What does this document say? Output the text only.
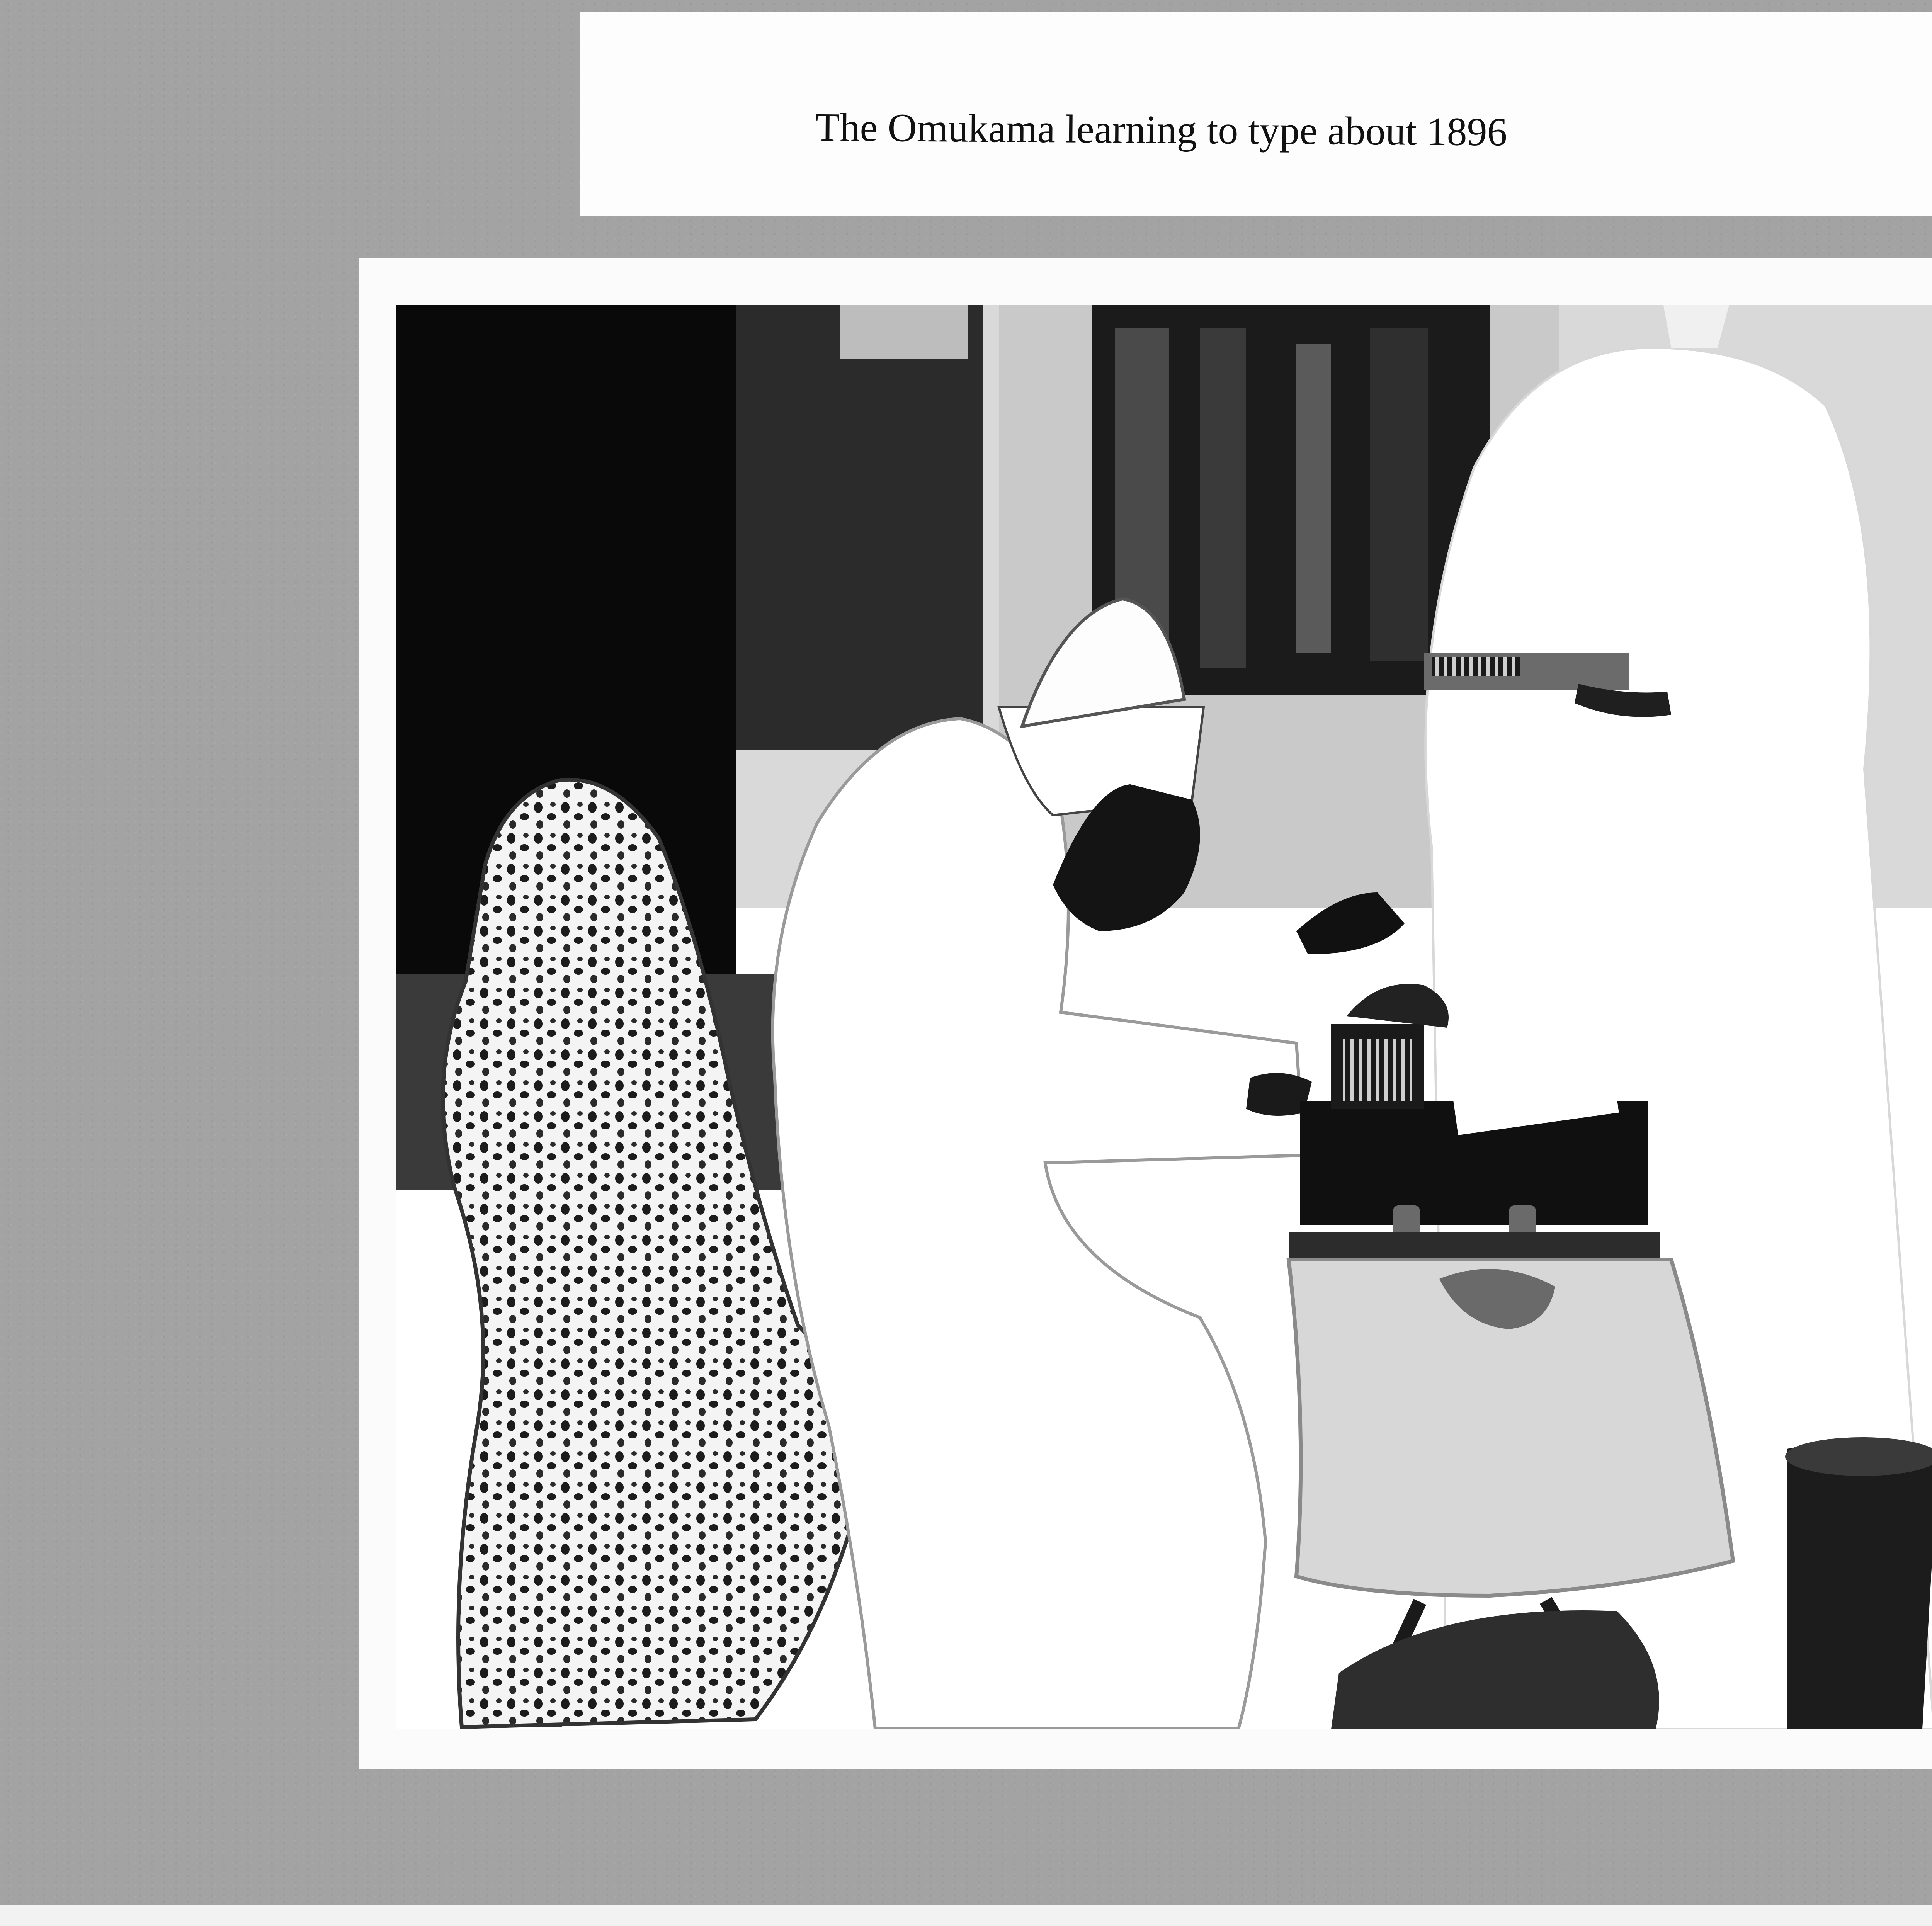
The Omukama learning to type about 1896
